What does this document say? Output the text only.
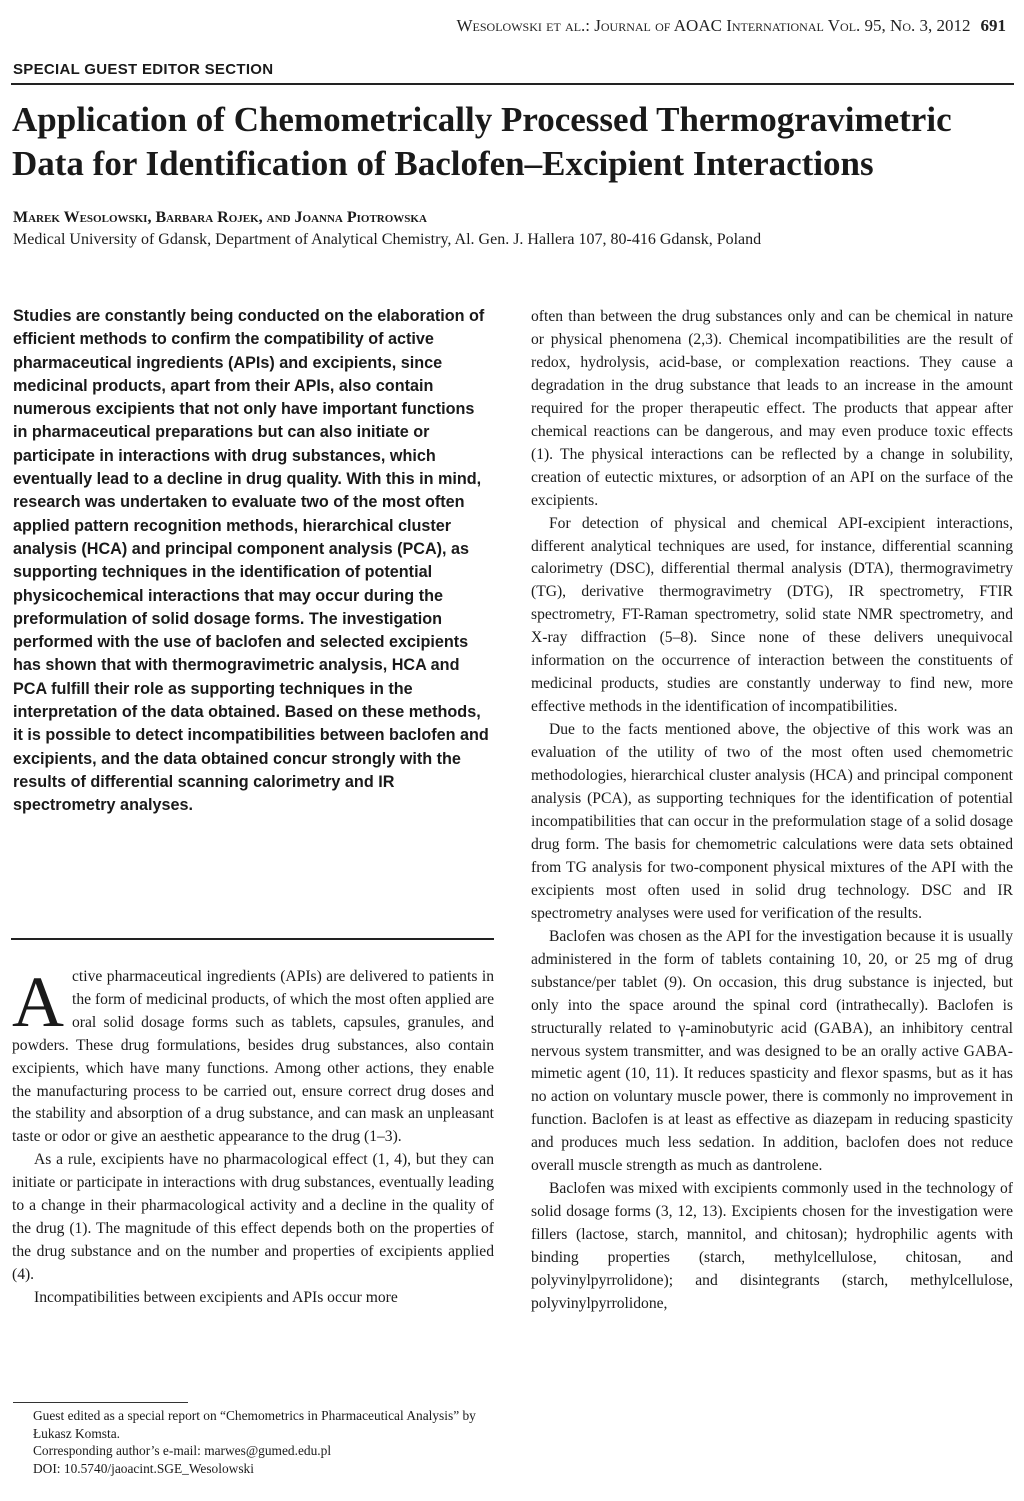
Wesolowski et al.: Journal of AOAC International Vol. 95, No. 3, 2012 691
SPECIAL GUEST EDITOR SECTION
Application of Chemometrically Processed Thermogravimetric Data for Identification of Baclofen–Excipient Interactions
Marek Wesolowski, Barbara Rojek, and Joanna Piotrowska
Medical University of Gdansk, Department of Analytical Chemistry, Al. Gen. J. Hallera 107, 80-416 Gdansk, Poland

Studies are constantly being conducted on the elaboration of efficient methods to confirm the compatibility of active pharmaceutical ingredients (APIs) and excipients, since medicinal products, apart from their APIs, also contain numerous excipients that not only have important functions in pharmaceutical preparations but can also initiate or participate in interactions with drug substances, which eventually lead to a decline in drug quality. With this in mind, research was undertaken to evaluate two of the most often applied pattern recognition methods, hierarchical cluster analysis (HCA) and principal component analysis (PCA), as supporting techniques in the identification of potential physicochemical interactions that may occur during the preformulation of solid dosage forms. The investigation performed with the use of baclofen and selected excipients has shown that with thermogravimetric analysis, HCA and PCA fulfill their role as supporting techniques in the interpretation of the data obtained. Based on these methods, it is possible to detect incompatibilities between baclofen and excipients, and the data obtained concur strongly with the results of differential scanning calorimetry and IR spectrometry analyses.

Active pharmaceutical ingredients (APIs) are delivered to patients in the form of medicinal products, of which the most often applied are oral solid dosage forms such as tablets, capsules, granules, and powders. These drug formulations, besides drug substances, also contain excipients, which have many functions. Among other actions, they enable the manufacturing process to be carried out, ensure correct drug doses and the stability and absorption of a drug substance, and can mask an unpleasant taste or odor or give an aesthetic appearance to the drug (1–3).

As a rule, excipients have no pharmacological effect (1, 4), but they can initiate or participate in interactions with drug substances, eventually leading to a change in their pharmacological activity and a decline in the quality of the drug (1). The magnitude of this effect depends both on the properties of the drug substance and on the number and properties of excipients applied (4).

Incompatibilities between excipients and APIs occur more

Guest edited as a special report on “Chemometrics in Pharmaceutical Analysis” by Łukasz Komsta.

Corresponding author’s e-mail: marwes@gumed.edu.pl

DOI: 10.5740/jaoacint.SGE_Wesolowski

often than between the drug substances only and can be chemical in nature or physical phenomena (2,3). Chemical incompatibilities are the result of redox, hydrolysis, acid-base, or complexation reactions. They cause a degradation in the drug substance that leads to an increase in the amount required for the proper therapeutic effect. The products that appear after chemical reactions can be dangerous, and may even produce toxic effects (1). The physical interactions can be reflected by a change in solubility, creation of eutectic mixtures, or adsorption of an API on the surface of the excipients.

For detection of physical and chemical API-excipient interactions, different analytical techniques are used, for instance, differential scanning calorimetry (DSC), differential thermal analysis (DTA), thermogravimetry (TG), derivative thermogravimetry (DTG), IR spectrometry, FTIR spectrometry, FT-Raman spectrometry, solid state NMR spectrometry, and X-ray diffraction (5–8). Since none of these delivers unequivocal information on the occurrence of interaction between the constituents of medicinal products, studies are constantly underway to find new, more effective methods in the identification of incompatibilities.

Due to the facts mentioned above, the objective of this work was an evaluation of the utility of two of the most often used chemometric methodologies, hierarchical cluster analysis (HCA) and principal component analysis (PCA), as supporting techniques for the identification of potential incompatibilities that can occur in the preformulation stage of a solid dosage drug form. The basis for chemometric calculations were data sets obtained from TG analysis for two-component physical mixtures of the API with the excipients most often used in solid drug technology. DSC and IR spectrometry analyses were used for verification of the results.

Baclofen was chosen as the API for the investigation because it is usually administered in the form of tablets containing 10, 20, or 25 mg of drug substance/per tablet (9). On occasion, this drug substance is injected, but only into the space around the spinal cord (intrathecally). Baclofen is structurally related to γ-aminobutyric acid (GABA), an inhibitory central nervous system transmitter, and was designed to be an orally active GABA-mimetic agent (10, 11). It reduces spasticity and flexor spasms, but as it has no action on voluntary muscle power, there is commonly no improvement in function. Baclofen is at least as effective as diazepam in reducing spasticity and produces much less sedation. In addition, baclofen does not reduce overall muscle strength as much as dantrolene.

Baclofen was mixed with excipients commonly used in the technology of solid dosage forms (3, 12, 13). Excipients chosen for the investigation were fillers (lactose, starch, mannitol, and chitosan); hydrophilic agents with binding properties (starch, methylcellulose, chitosan, and polyvinylpyrrolidone); and disintegrants (starch, methylcellulose, polyvinylpyrrolidone,
